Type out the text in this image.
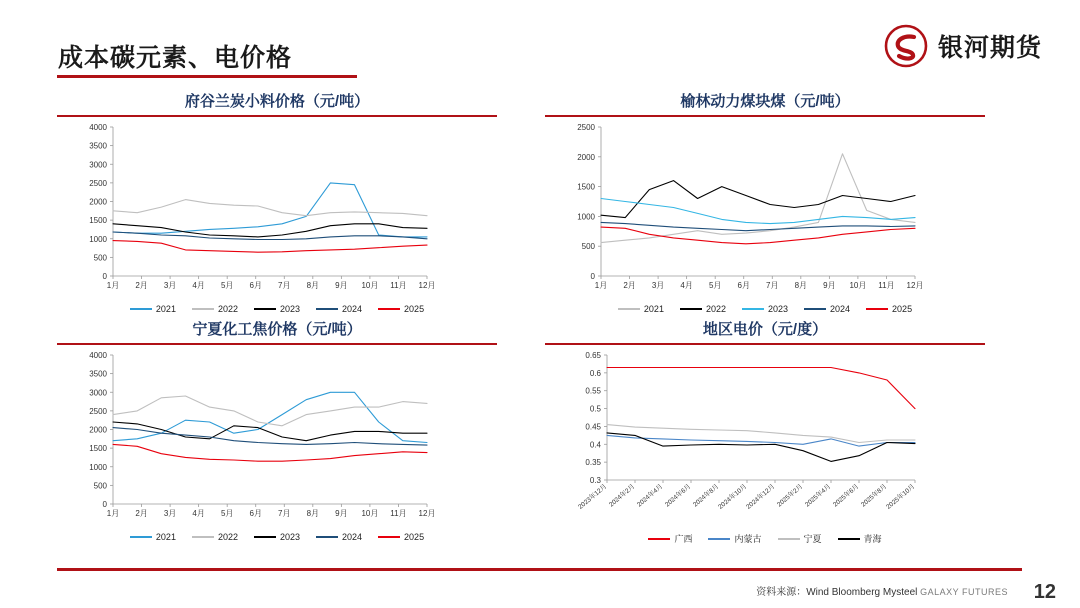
成本碳元素、电价格	银河期货
府谷兰炭小料价格（元/吨）
0
500
1000
1500
2000
2500
3000
3500
4000
1月 2月 3月 4月 5月 6月 7月 8月 9月 10月 11月 12月
2021	2022	2023	2024	2025
榆林动力煤块煤（元/吨）
0
500
1000
1500
2000
2500
1月 2月 3月 4月 5月 6月 7月 8月 9月 10月 11月 12月
2021	2022	2023	2024	2025
宁夏化工焦价格（元/吨）
0
500
1000
1500
2000
2500
3000
3500
4000
1月 2月 3月 4月 5月 6月 7月 8月 9月 10月 11月 12月
2021	2022	2023	2024	2025
地区电价（元/度）
0.3
0.35
0.4
0.45
0.5
0.55
0.6
0.65
2023年12月 2024年2月 2024年4月 2024年6月 2024年8月
2024年10月
2024年12月 2025年2月 2025年4月 2025年6月 2025年8月
2025年10月
广西	内蒙古	宁夏	青海
资料来源：Wind Bloomberg Mysteel GALAXY FUTURES 12
